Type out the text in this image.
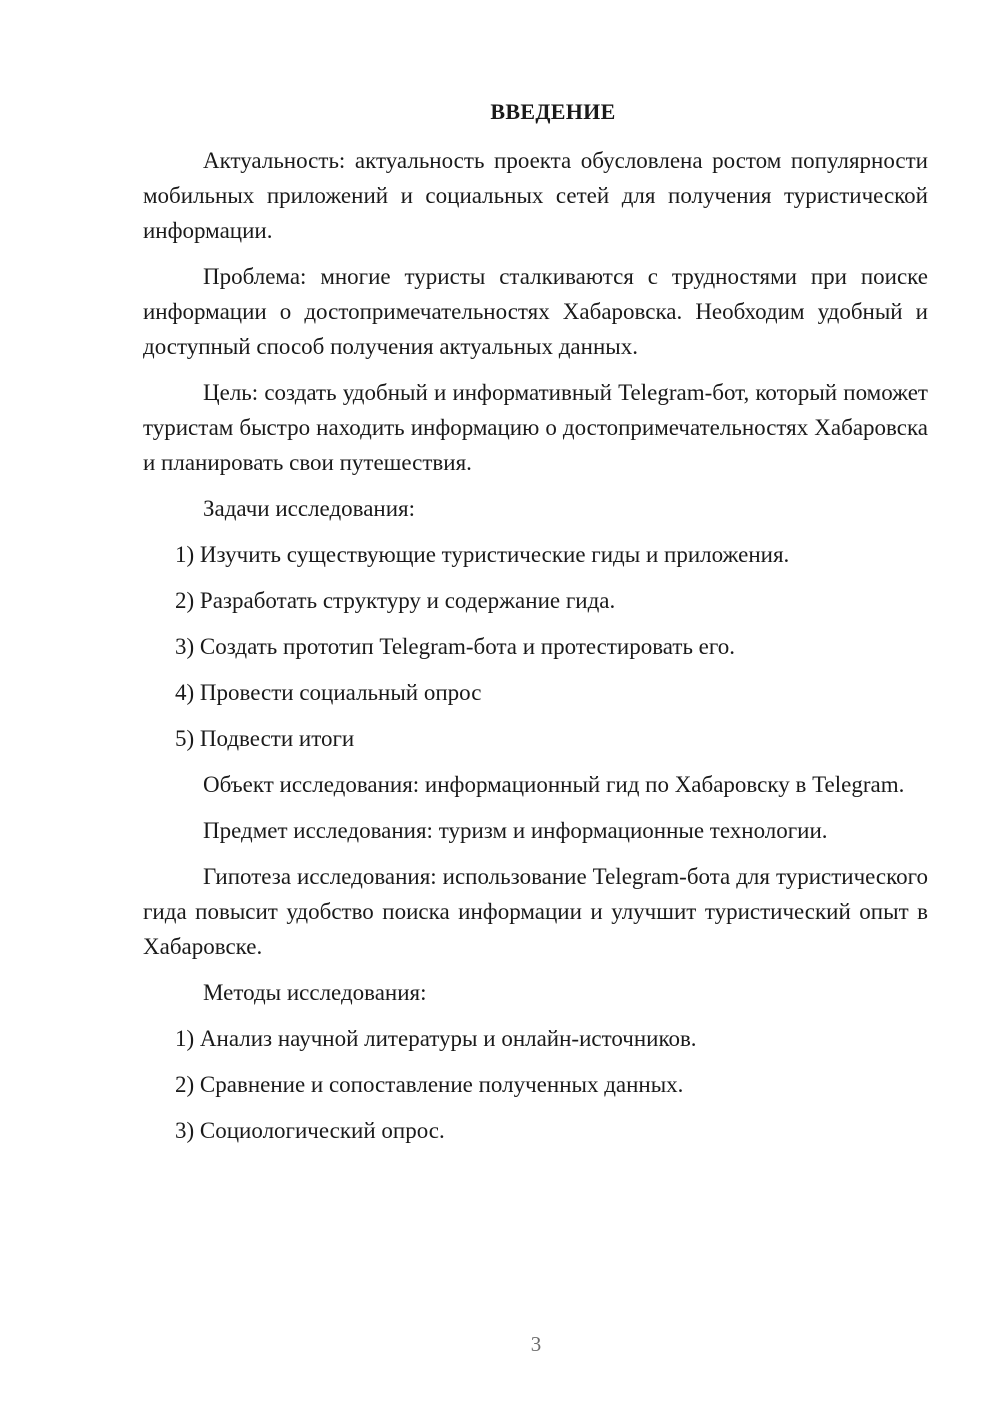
ВВЕДЕНИЕ

Актуальность: актуальность проекта обусловлена ростом популярности мобильных приложений и социальных сетей для получения туристической информации.

Проблема: многие туристы сталкиваются с трудностями при поиске информации о достопримечательностях Хабаровска. Необходим удобный и доступный способ получения актуальных данных.

Цель: создать удобный и информативный Telegram-бот, который поможет туристам быстро находить информацию о достопримечательностях Хабаровска и планировать свои путешествия.

Задачи исследования:

1) Изучить существующие туристические гиды и приложения.
2) Разработать структуру и содержание гида.
3) Создать прототип Telegram-бота и протестировать его.
4) Провести социальный опрос
5) Подвести итоги

Объект исследования: информационный гид по Хабаровску в Telegram.

Предмет исследования: туризм и информационные технологии.

Гипотеза исследования: использование Telegram-бота для туристического гида повысит удобство поиска информации и улучшит туристический опыт в Хабаровске.

Методы исследования:

1) Анализ научной литературы и онлайн-источников.
2) Сравнение и сопоставление полученных данных.
3) Социологический опрос.
3
